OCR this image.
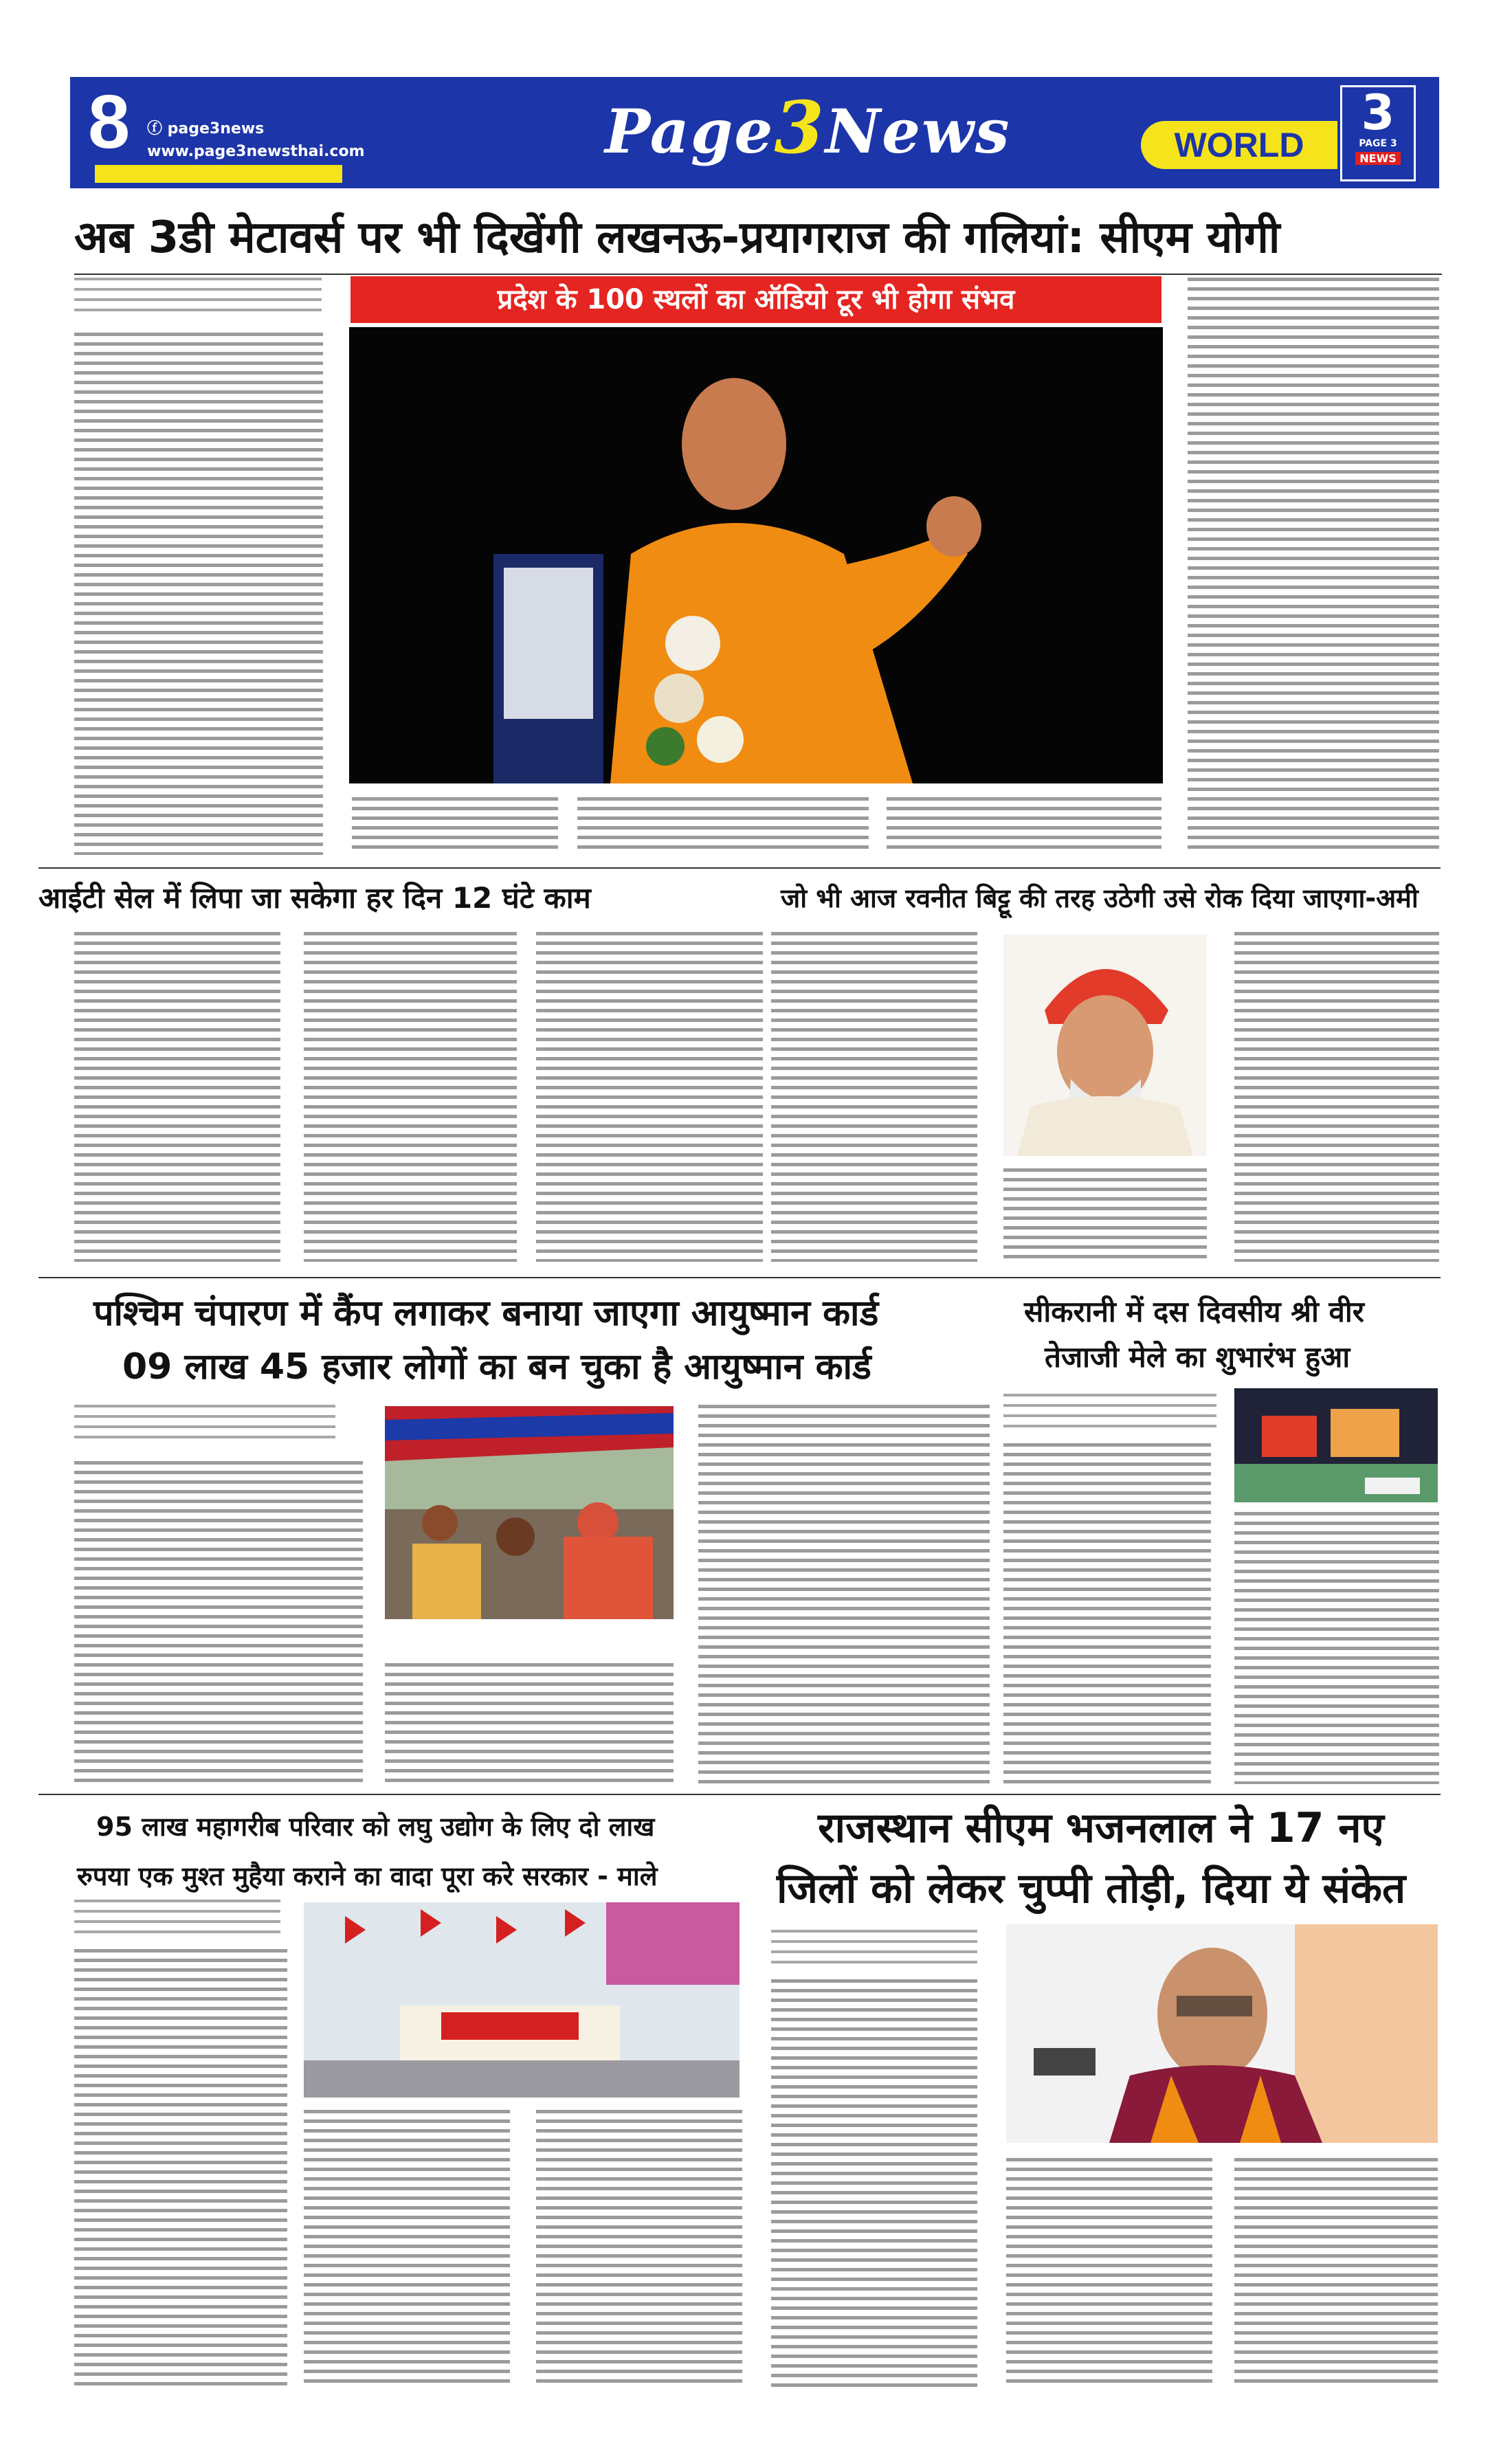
8	ⓕ page3news
www.page3newsthai.com	Page3News	WORLD
3
PAGE 3
NEWS
अब 3डी मेटावर्स पर भी दिखेंगी लखनऊ-प्रयागराज की गलियां: सीएम योगी
प्रदेश के 100 स्थलों का ऑडियो टूर भी होगा संभव
आईटी सेल में लिपा जा सकेगा हर दिन 12 घंटे काम	जो भी आज रवनीत बिट्टू की तरह उठेगी उसे रोक दिया जाएगा-अमी
पश्चिम चंपारण में कैंप लगाकर बनाया जाएगा आयुष्मान कार्ड
09 लाख 45 हजार लोगों का बन चुका है आयुष्मान कार्ड
सीकरानी में दस दिवसीय श्री वीर
तेजाजी मेले का शुभारंभ हुआ
95 लाख महागरीब परिवार को लघु उद्योग के लिए दो लाख
रुपया एक मुश्त मुहैया कराने का वादा पूरा करे सरकार - माले
राजस्थान सीएम भजनलाल ने 17 नए
जिलों को लेकर चुप्पी तोड़ी, दिया ये संकेत
